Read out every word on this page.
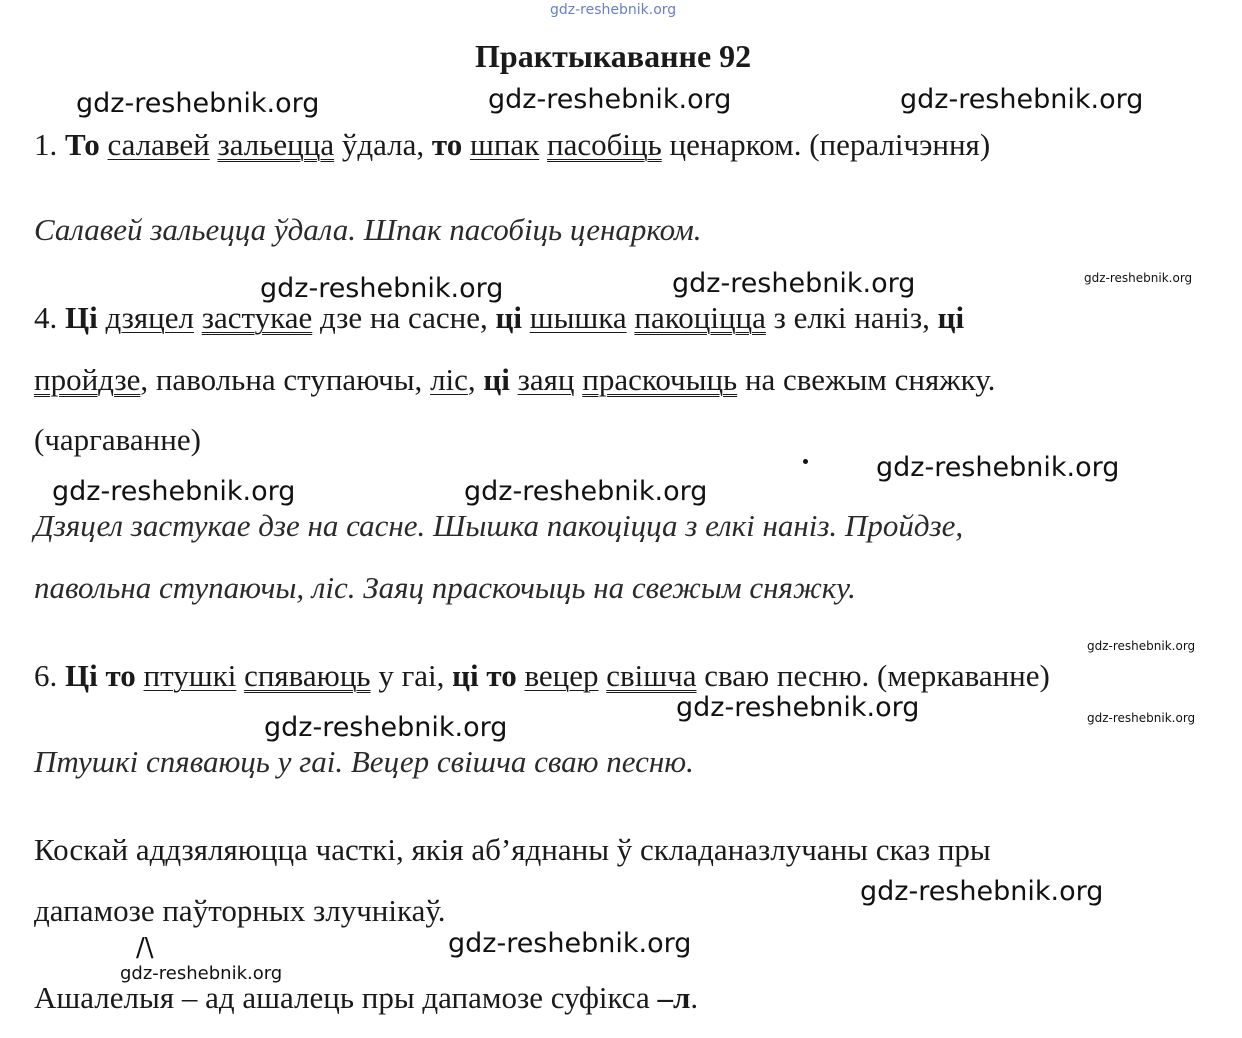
gdz-reshebnik.org
Практыкаванне 92
gdz-reshebnik.org	gdz-reshebnik.org	gdz-reshebnik.org
1. То салавей зальецца ўдала, то шпак пасобіць ценарком. (пералічэння)
Салавей зальецца ўдала. Шпак пасобіць ценарком.
gdz-reshebnik.org	gdz-reshebnik.org	gdz-reshebnik.org
4. Ці дзяцел застукае дзе на сасне, ці шышка пакоціцца з елкі наніз, ці
пройдзе, павольна ступаючы, ліс, ці заяц праскочыць на свежым сняжку.
(чаргаванне)
gdz-reshebnik.org
gdz-reshebnik.org	gdz-reshebnik.org
Дзяцел застукае дзе на сасне. Шышка пакоціцца з елкі наніз. Пройдзе,
павольна ступаючы, ліс. Заяц праскочыць на свежым сняжку.
gdz-reshebnik.org
gdz-reshebnik.org
6. Ці то птушкі спяваюць у гаі, ці то вецер свішча сваю песню. (меркаванне)
gdz-reshebnik.org
gdz-reshebnik.org
Птушкі спяваюць у гаі. Вецер свішча сваю песню.
Коскай аддзяляюцца часткі, якія аб’яднаны ў складаназлучаны сказ пры
gdz-reshebnik.org
дапамозе паўторных злучнікаў.
/\	gdz-reshebnik.org
gdz-reshebnik.org
Ашалелыя – ад ашалець пры дапамозе суфікса –л.
